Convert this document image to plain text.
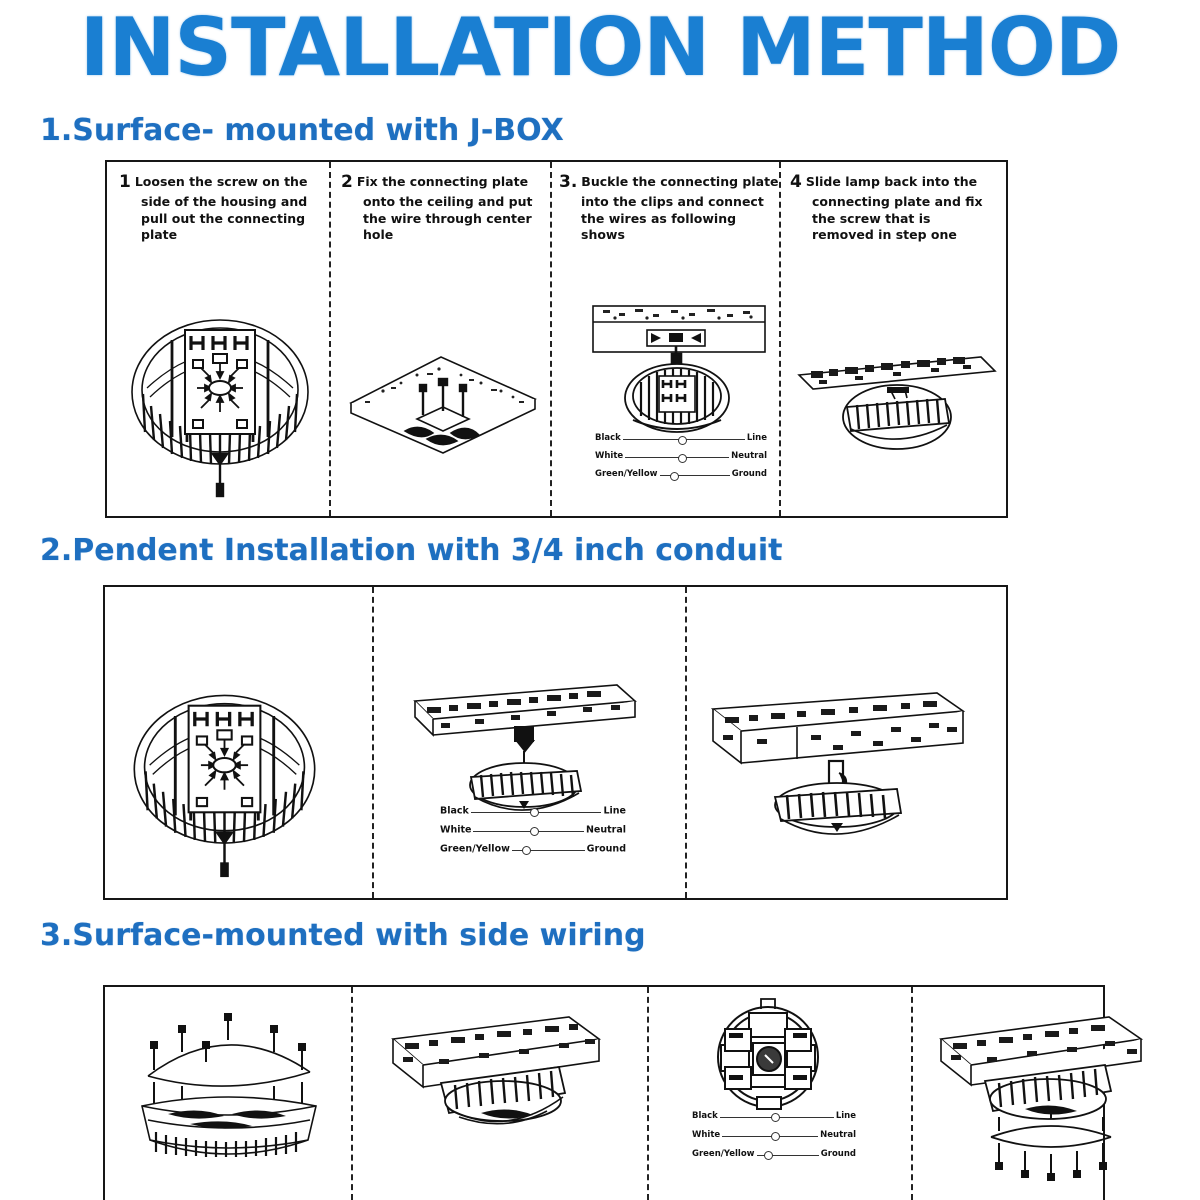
INSTALLATION METHOD
1.Surface- mounted with J-BOX
1 Loosen the screw on the
side of the housing and pull out the connecting plate
2 Fix the connecting plate
onto the ceiling and put the wire through center hole
3. Buckle the connecting plate
into the clips and connect the wires as following shows
4 Slide lamp back into the
connecting plate and fix the screw that is removed in step one
Black	Line
White	Neutral
Green/Yellow	Ground
2.Pendent Installation with 3/4 inch conduit
Black	Line
White	Neutral
Green/Yellow	Ground
3.Surface-mounted with side wiring
Black	Line
White	Neutral
Green/Yellow	Ground
